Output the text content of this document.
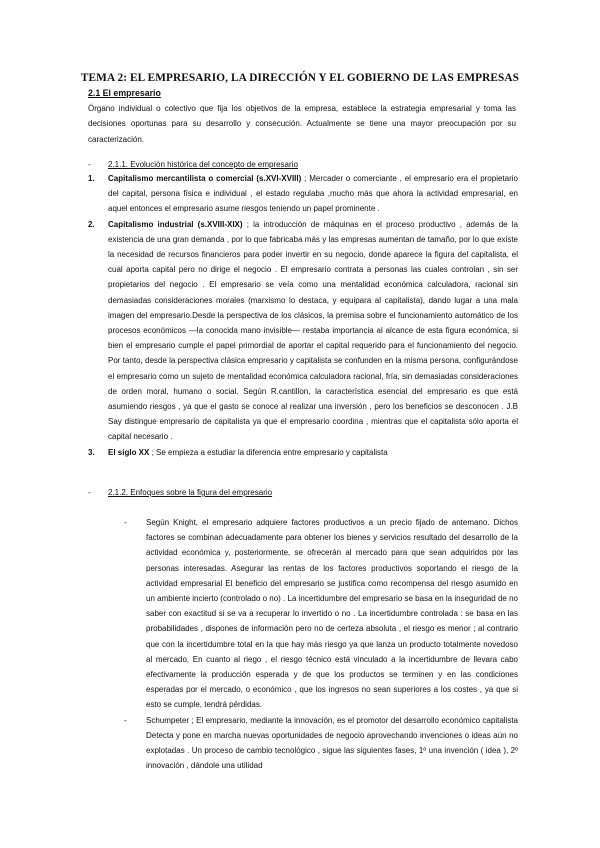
TEMA 2: EL EMPRESARIO, LA DIRECCIÓN Y EL GOBIERNO DE LAS EMPRESAS
2.1 El empresario

Órgano individual o colectivo que fija los objetivos de la empresa, establece la estrategia empresarial y toma las decisiones oportunas para su desarrollo y consecución. Actualmente se tiene una mayor preocupación por su caracterización.

-	2.1.1. Evolución histórica del concepto de empresario
1.	Capitalismo mercantilista o comercial (s.XVI-XVIII) ; Mercader o comerciante , el empresario era el propietario del capital, persona física e individual , el estado regulaba ,mucho más que ahora la actividad empresarial, en aquel entonces el empresario asume riesgos teniendo un papel prominente .
2.	Capitalismo industrial (s.XVIII-XIX) ; la introducción de máquinas en el proceso productivo , además de la existencia de una gran demanda , por lo que fabricaba más y las empresas aumentan de tamaño, por lo que existe la necesidad de recursos financieros para poder invertir en su negocio, donde aparece la figura del capitalista, el cual aporta capital pero no dirige el negocio . El empresario contrata a personas las cuales controlan , sin ser propietarios del negocio . El empresario se veía como una mentalidad económica calculadora, racional sin demasiadas consideraciones morales (marxismo lo destaca, y equipara al capitalista), dando lugar a una mala imagen del empresario.Desde la perspectiva de los clásicos, la premisa sobre el funcionamiento automático de los procesos económicos —la conocida mano invisible— restaba importancia al alcance de esta figura económica, si bien el empresario cumple el papel primordial de aportar el capital requerido para el funcionamiento del negocio. Por tanto, desde la perspectiva clásica empresario y capitalista se confunden en la misma persona, configurándose el empresario como un sujeto de mentalidad económica calculadora racional, fría, sin demasiadas consideraciones de orden moral, humano o social. Según R.cantillon, la característica esencial del empresario es que está asumiendo riesgos , ya que el gasto se conoce al realizar una inversión , pero los beneficios se desconocen . J.B Say distingue empresario de capitalista ya que el empresario coordina , mientras que el capitalista sólo aporta el capital necesario .
3.	El siglo XX ; Se empieza a estudiar la diferencia entre empresario y capitalista
-	2.1.2. Enfoques sobre la figura del empresario
-	Según Knight, el empresario adquiere factores productivos a un precio fijado de antemano. Dichos factores se combinan adecuadamente para obtener los bienes y servicios resultado del desarrollo de la actividad económica y, posteriormente, se ofrecerán al mercado para que sean adquiridos por las personas interesadas. Asegurar las rentas de los factores productivos soportando el riesgo de la actividad empresarial El beneficio del empresario se justifica como recompensa del riesgo asumido en un ambiente incierto (controlado o no) . La incertidumbre del empresario se basa en la inseguridad de no saber con exactitud si se va a recuperar lo invertido o no . La incertidumbre controlada : se basa en las probabilidades , dispones de información pero no de certeza absoluta , el riesgo es menor ; al contrario que con la incertidumbre total en la que hay más riesgo ya que lanza un producto totalmente novedoso al mercado. En cuanto al riego , el riesgo técnico está vinculado a la incertidumbre de llevara cabo efectivamente la producción esperada y de que los productos se terminen y en las condiciones esperadas por el mercado, o económico , que los ingresos no sean superiores a los costes , ya que si esto se cumple, tendrá pérdidas.
-	Schumpeter ; El empresario, mediante la innovación, es el promotor del desarrollo económico capitalista Detecta y pone en marcha nuevas oportunidades de negocio aprovechando invenciones o ideas aún no explotadas . Un proceso de cambio tecnológico , sigue las siguientes fases, 1º una invención ( idea ), 2º innovación , dándole una utilidad
